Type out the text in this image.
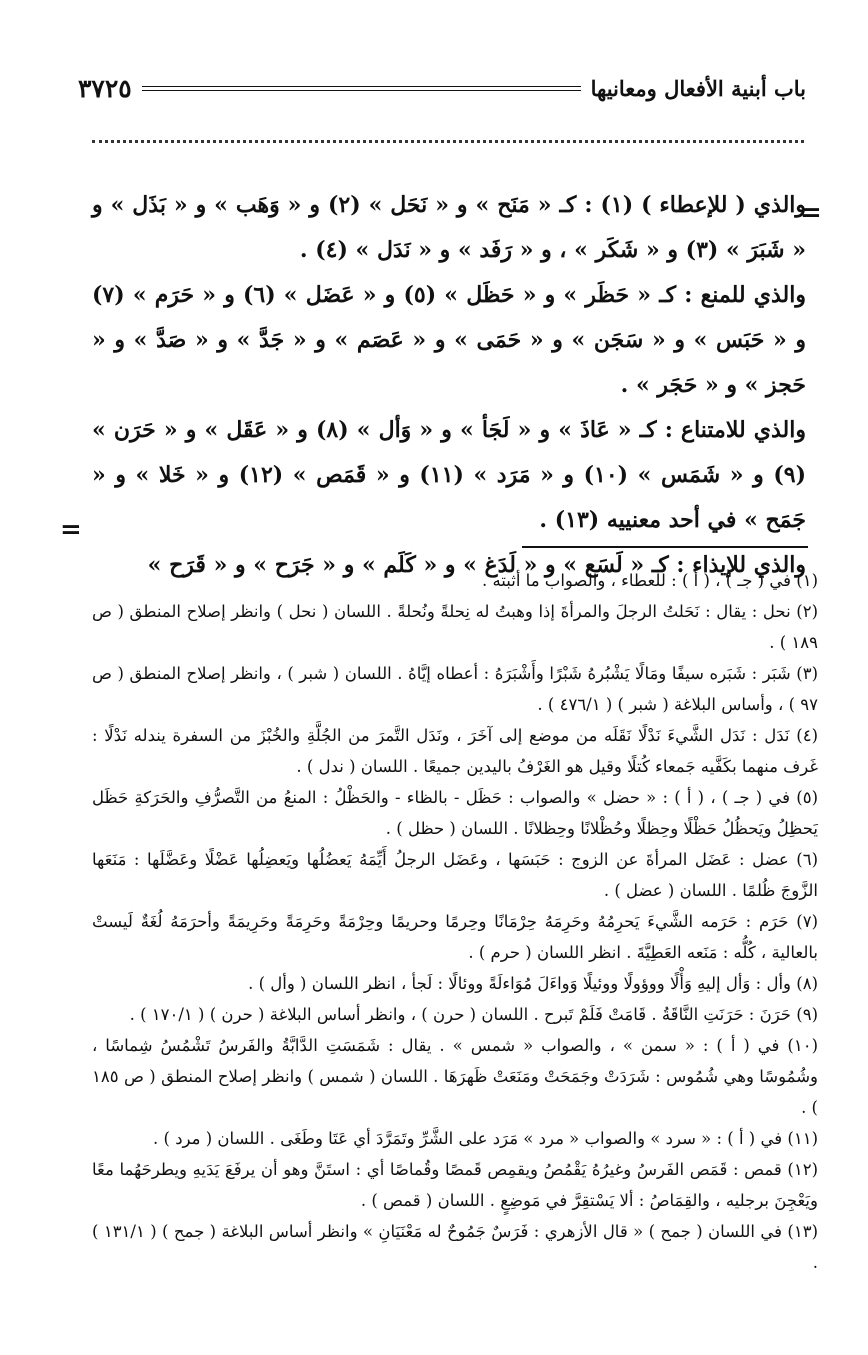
باب أبنية الأفعال ومعانيها
٣٧٢٥
=

والذي ( للإعطاء ) (١) : كـ « مَنَح » و « نَحَل » (٢) و « وَهَب » و « بَذَل » و « شَبَرَ » (٣) و « شَكَر » ، و « رَفَد » و « نَدَل » (٤) .

والذي للمنع : كـ « حَظَر » و « حَظَل » (٥) و « عَضَل » (٦) و « حَرَم » (٧) و « حَبَس » و « سَجَن » و « حَمَى » و « عَصَم » و « جَدَّ » و « صَدَّ » و « حَجز » و « حَجَر » .

والذي للامتناع : كـ « عَاذَ » و « لَجَأ » و « وَأل » (٨) و « عَقَل » و « حَرَن » (٩) و « شَمَس » (١٠) و « مَرَد » (١١) و « قَمَص » (١٢) و « خَلا » و « جَمَح » في أحد معنييه (١٣) .

والذي للإيذاء : كـ « لَسَع » و « لَدَغ » و « كَلَم » و « جَرَح » و « قَرَح »

=

(١) في ( جـ ) ، ( أ ) : للعطاء ، والصواب ما أثبته .

(٢) نحل : يقال : نَحَلتُ الرجلَ والمرأةَ إذا وهبتُ له نِحلةً ونُحلةً . اللسان ( نحل ) وانظر إصلاح المنطق ( ص ١٨٩ ) .

(٣) شَبَر : شَبَره سيفًا ومَالًا يَشْبُرهُ شَبْرًا وأَشْبَرَهُ : أعطاه إيَّاهُ . اللسان ( شبر ) ، وانظر إصلاح المنطق ( ص ٩٧ ) ، وأساس البلاغة ( شبر ) ( ٤٧٦/١ ) .

(٤) نَدَل : نَدَل الشَّيءَ نَدْلًا نَقَلَه من موضع إلى آخَرَ ، ونَدَل التَّمرَ من الجُلَّةِ والخُبْزَ من السفرة يندله نَدْلًا : غَرف منهما بكَفَّيه جَمعاء كُتلًا وقيل هو الغَرْفُ باليدين جميعًا . اللسان ( ندل ) .

(٥) في ( جـ ) ، ( أ ) : « حضل » والصواب : حَظَل - بالظاء - والحَظْلُ : المنعُ من التَّصرُّفِ والحَرَكةِ حَظَل يَحظِلُ ويَحظُلُ حَظْلًا وحِظلًا وحُظْلانًا وحِظلانًا . اللسان ( حظل ) .

(٦) عضل : عَضَل المرأةَ عن الزوج : حَبَسَها ، وعَضَل الرجلُ أَيِّمَهُ يَعضُلُها ويَعضِلُها عَضْلًا وعَضَّلَها : مَنَعَها الزَّوجَ ظُلمًا . اللسان ( عضل ) .

(٧) حَرَم : حَرَمه الشَّيءَ يَحرِمُهُ وحَرِمَهُ حِرْمَانًا وحِرمًا وحريمًا وحِرْمَةً وحَرِمَةً وحَرِيمَةً وأحرَمَهُ لُغَةٌ لَيستْ بالعالية ، كُلُّه : مَنَعه العَطِيَّةَ . انظر اللسان ( حرم ) .

(٨) وأل : وَأل إليهِ وَأْلًا ووؤولًا ووئيلًا وَواءَلَ مُوَاءلَةً ووئالًا : لَجأ ، انظر اللسان ( وأل ) .

(٩) حَرَنَ : حَرَنَتِ النَّاقَةُ . قَامَتْ فَلَمْ تَبرح . اللسان ( حرن ) ، وانظر أساس البلاغة ( حرن ) ( ١٧٠/١ ) .

(١٠) في ( أ ) : « سمن » ، والصواب « شمس » . يقال : شَمَسَتِ الدَّابَّةُ والفَرسُ تَشْمُسُ شِماسًا ، وشُمُوسًا وهي شُمُوس : شَرَدَتْ وجَمَحَتْ ومَنَعَتْ ظَهرَهَا . اللسان ( شمس ) وانظر إصلاح المنطق ( ص ١٨٥ ) .

(١١) في ( أ ) : « سرد » والصواب « مرد » مَرَد على الشَّرِّ وتَمَرَّدَ أي عَتَا وطَغَى . اللسان ( مرد ) .

(١٢) قمص : قَمَص الفَرسُ وغيرُهُ يَقْمُصُ ويقمِص قَمصًا وقُماصًا أي : استَنَّ وهو أن يرفَعَ يَدَيهِ ويطرحَهُما معًا ويَعْجِنَ برجليه ، والقِمَاصُ : ألا يَسْتقِرَّ في مَوضِعٍ . اللسان ( قمص ) .

(١٣) في اللسان ( جمح ) « قال الأزهري : فَرَسٌ جَمُوحٌ له مَعْنَيَانِ » وانظر أساس البلاغة ( جمح ) ( ١٣١/١ ) .
